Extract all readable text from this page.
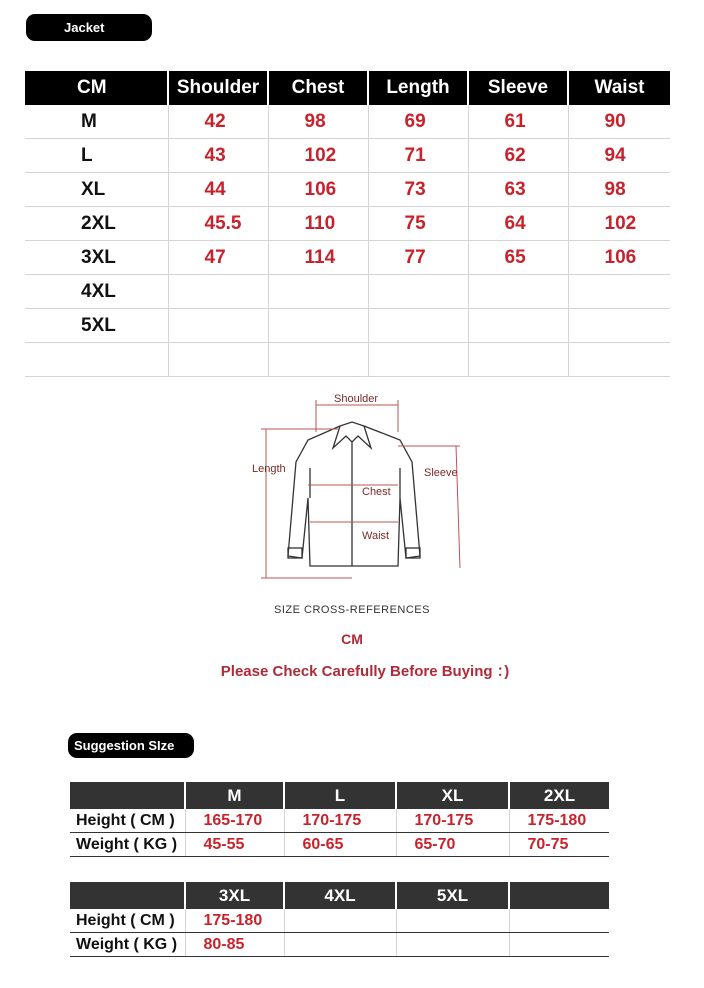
Jacket
CM	Shoulder	Chest	Length	Sleeve	Waist
M	42	98	69	61	90
L	43	102	71	62	94
XL	44	106	73	63	98
2XL	45.5	110	75	64	102
3XL	47	114	77	65	106
4XL					
5XL					

Shoulder
Length	Sleeve
Chest
Waist
SIZE CROSS-REFERENCES
CM
Please Check Carefully Before Buying ：)
Suggestion SIze
	M	L	XL	2XL
Height ( CM )	165-170	170-175	170-175	175-180
Weight ( KG )	45-55	60-65	65-70	70-75
	3XL	4XL	5XL	
Height ( CM )	175-180			
Weight ( KG )	80-85			
